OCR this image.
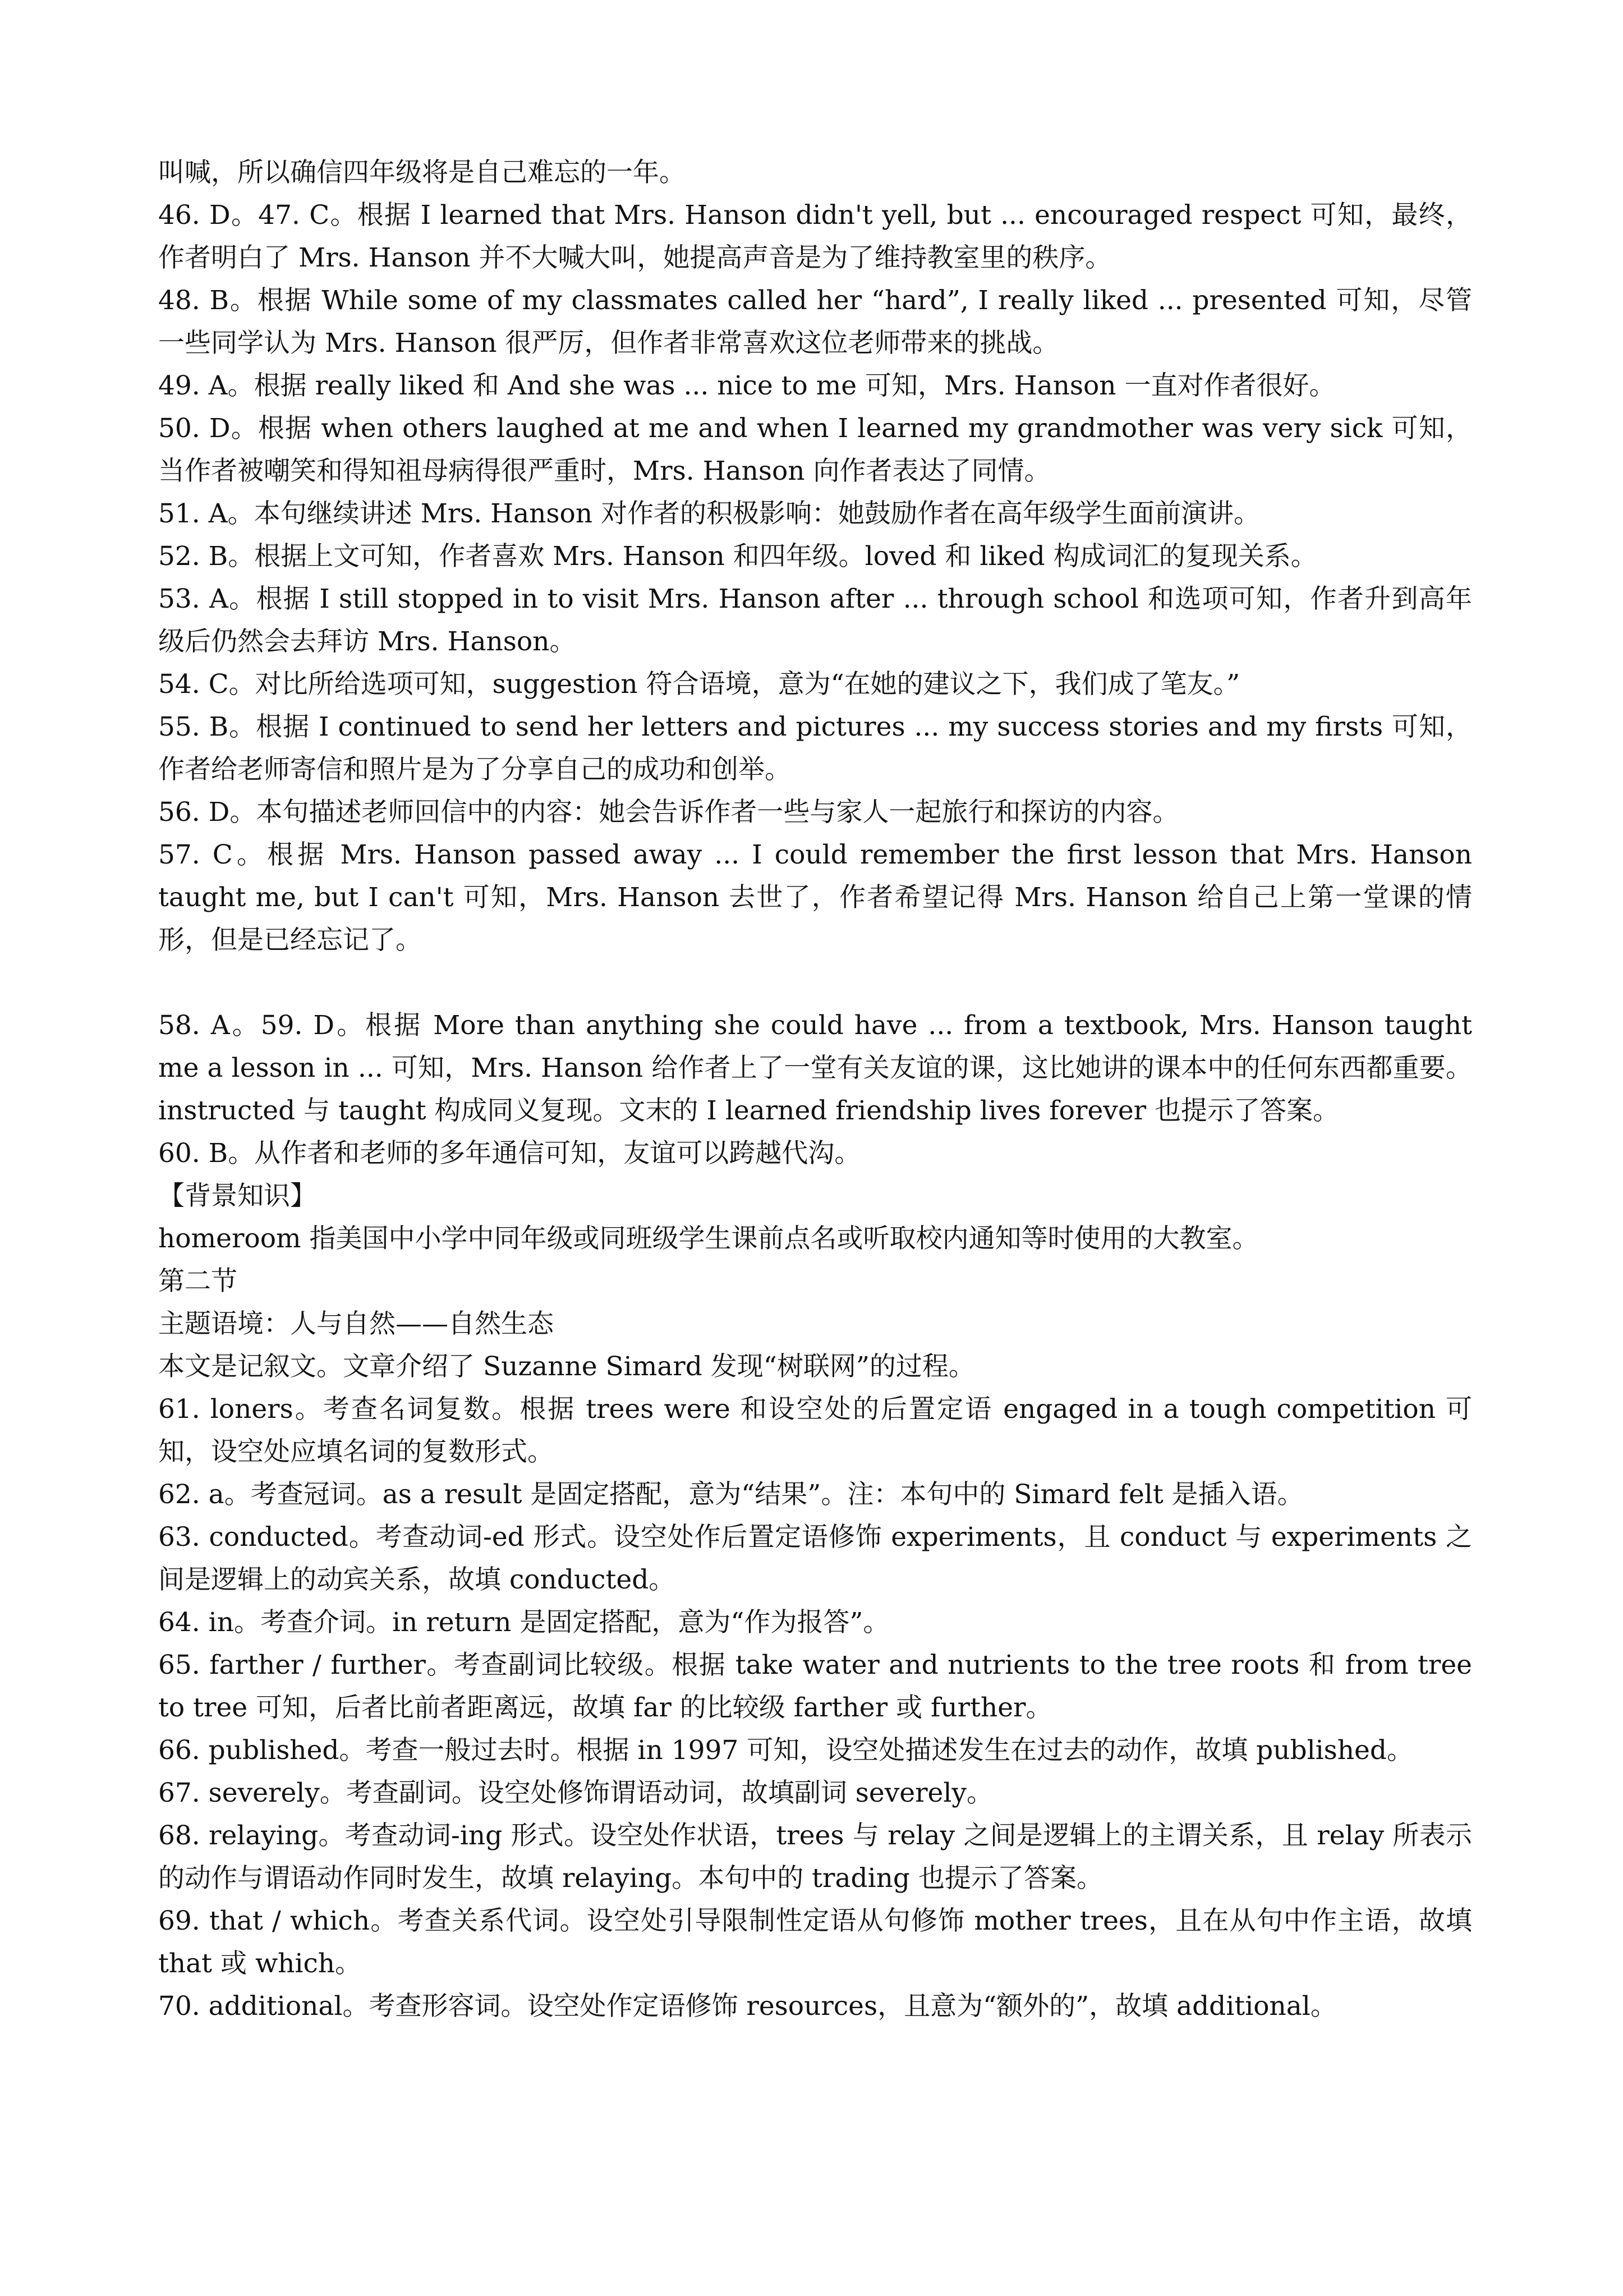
叫喊，所以确信四年级将是自己难忘的一年。

46. D。47. C。根据 I learned that Mrs. Hanson didn't yell, but ... encouraged respect 可知，最终，作者明白了 Mrs. Hanson 并不大喊大叫，她提高声音是为了维持教室里的秩序。

48. B。根据 While some of my classmates called her “hard”, I really liked ... presented 可知，尽管一些同学认为 Mrs. Hanson 很严厉，但作者非常喜欢这位老师带来的挑战。

49. A。根据 really liked 和 And she was ... nice to me 可知，Mrs. Hanson 一直对作者很好。

50. D。根据 when others laughed at me and when I learned my grandmother was very sick 可知，当作者被嘲笑和得知祖母病得很严重时，Mrs. Hanson 向作者表达了同情。

51. A。本句继续讲述 Mrs. Hanson 对作者的积极影响：她鼓励作者在高年级学生面前演讲。

52. B。根据上文可知，作者喜欢 Mrs. Hanson 和四年级。loved 和 liked 构成词汇的复现关系。

53. A。根据 I still stopped in to visit Mrs. Hanson after ... through school 和选项可知，作者升到高年级后仍然会去拜访 Mrs. Hanson。

54. C。对比所给选项可知，suggestion 符合语境，意为“在她的建议之下，我们成了笔友。”

55. B。根据 I continued to send her letters and pictures ... my success stories and my firsts 可知，作者给老师寄信和照片是为了分享自己的成功和创举。

56. D。本句描述老师回信中的内容：她会告诉作者一些与家人一起旅行和探访的内容。

57. C。根据 Mrs. Hanson passed away ... I could remember the first lesson that Mrs. Hanson taught me, but I can't 可知，Mrs. Hanson 去世了，作者希望记得 Mrs. Hanson 给自己上第一堂课的情形，但是已经忘记了。

58. A。59. D。根据 More than anything she could have ... from a textbook, Mrs. Hanson taught me a lesson in ... 可知，Mrs. Hanson 给作者上了一堂有关友谊的课，这比她讲的课本中的任何东西都重要。instructed 与 taught 构成同义复现。文末的 I learned friendship lives forever 也提示了答案。

60. B。从作者和老师的多年通信可知，友谊可以跨越代沟。

【背景知识】

homeroom 指美国中小学中同年级或同班级学生课前点名或听取校内通知等时使用的大教室。

第二节

主题语境：人与自然——自然生态

本文是记叙文。文章介绍了 Suzanne Simard 发现“树联网”的过程。

61. loners。考查名词复数。根据 trees were 和设空处的后置定语 engaged in a tough competition 可知，设空处应填名词的复数形式。

62. a。考查冠词。as a result 是固定搭配，意为“结果”。注：本句中的 Simard felt 是插入语。

63. conducted。考查动词-ed 形式。设空处作后置定语修饰 experiments，且 conduct 与 experiments 之间是逻辑上的动宾关系，故填 conducted。

64. in。考查介词。in return 是固定搭配，意为“作为报答”。

65. farther / further。考查副词比较级。根据 take water and nutrients to the tree roots 和 from tree to tree 可知，后者比前者距离远，故填 far 的比较级 farther 或 further。

66. published。考查一般过去时。根据 in 1997 可知，设空处描述发生在过去的动作，故填 published。

67. severely。考查副词。设空处修饰谓语动词，故填副词 severely。

68. relaying。考查动词-ing 形式。设空处作状语，trees 与 relay 之间是逻辑上的主谓关系，且 relay 所表示的动作与谓语动作同时发生，故填 relaying。本句中的 trading 也提示了答案。

69. that / which。考查关系代词。设空处引导限制性定语从句修饰 mother trees，且在从句中作主语，故填 that 或 which。

70. additional。考查形容词。设空处作定语修饰 resources，且意为“额外的”，故填 additional。
